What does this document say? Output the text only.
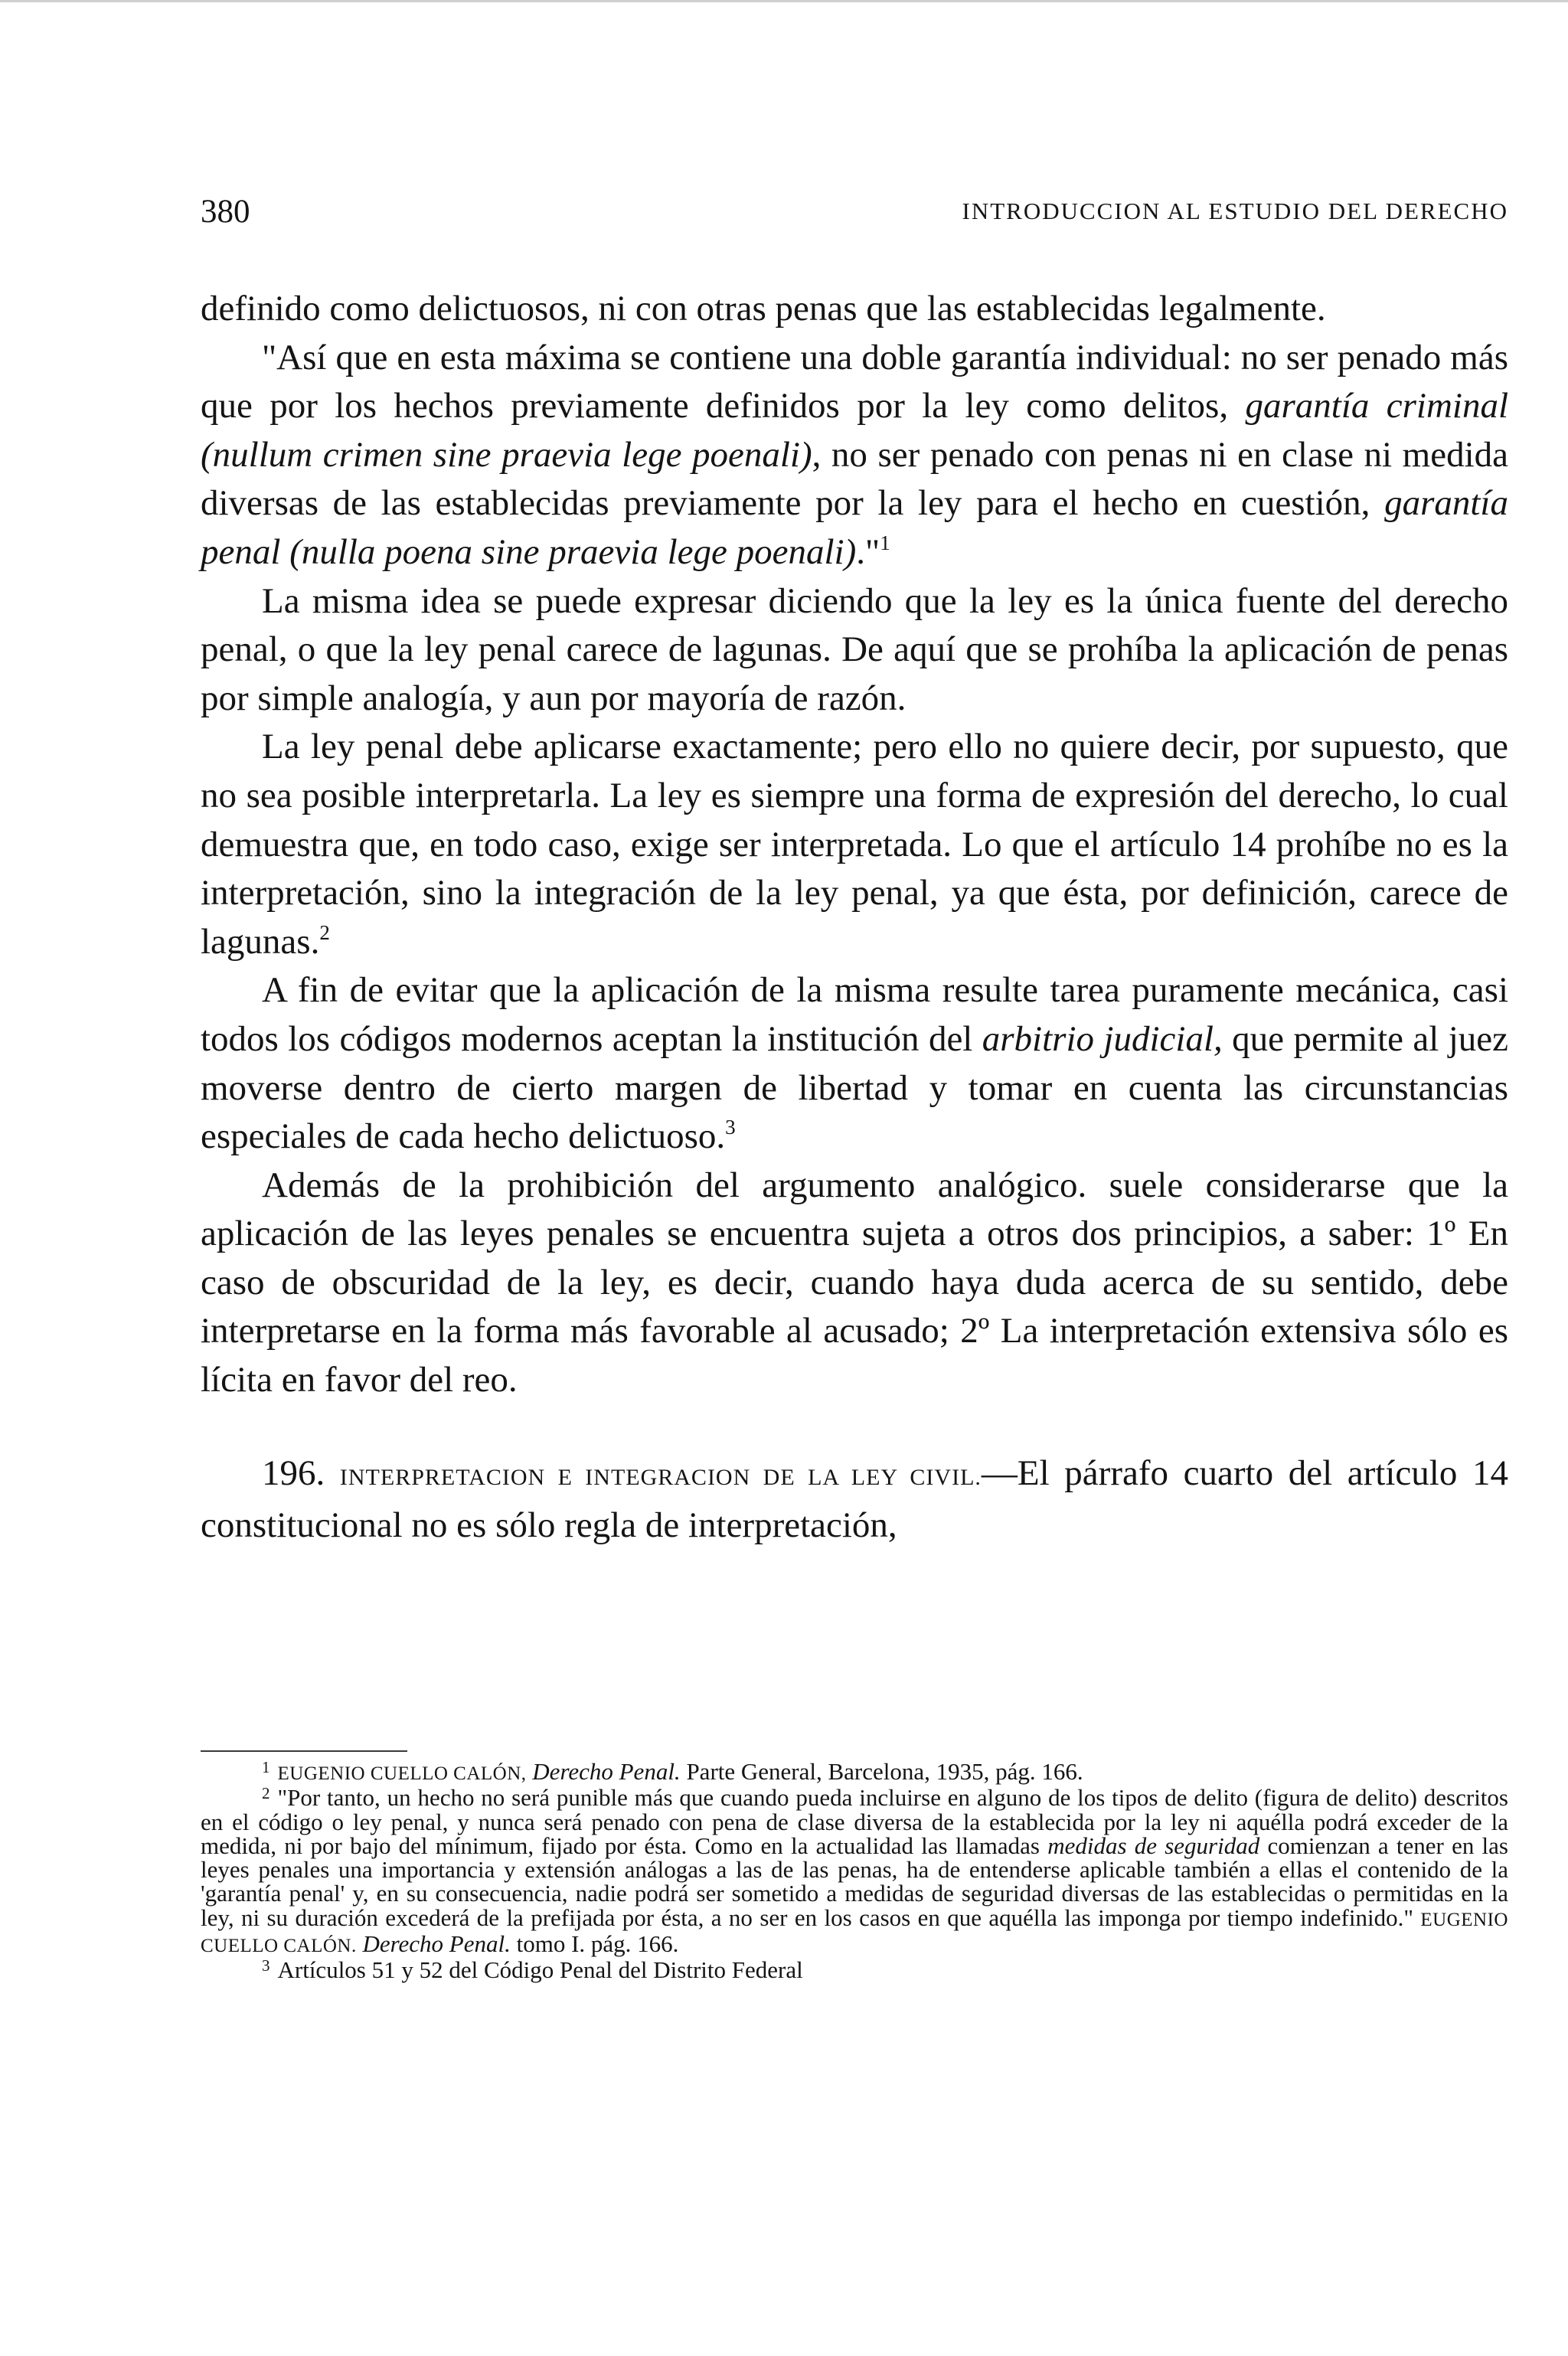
380	INTRODUCCION AL ESTUDIO DEL DERECHO

definido como delictuosos, ni con otras penas que las establecidas legalmente.

"Así que en esta máxima se contiene una doble garantía individual: no ser penado más que por los hechos previamente definidos por la ley como delitos, garantía criminal (nullum crimen sine praevia lege poenali), no ser penado con penas ni en clase ni medida diversas de las establecidas previamente por la ley para el hecho en cuestión, garantía penal (nulla poena sine praevia lege poenali)."$^1$

La misma idea se puede expresar diciendo que la ley es la única fuente del derecho penal, o que la ley penal carece de lagunas. De aquí que se prohíba la aplicación de penas por simple analogía, y aun por mayoría de razón.

La ley penal debe aplicarse exactamente; pero ello no quiere decir, por supuesto, que no sea posible interpretarla. La ley es siempre una forma de expresión del derecho, lo cual demuestra que, en todo caso, exige ser interpretada. Lo que el artículo 14 prohíbe no es la interpretación, sino la integración de la ley penal, ya que ésta, por definición, carece de lagunas.$^2$

A fin de evitar que la aplicación de la misma resulte tarea puramente mecánica, casi todos los códigos modernos aceptan la institución del arbitrio judicial, que permite al juez moverse dentro de cierto margen de libertad y tomar en cuenta las circunstancias especiales de cada hecho delictuoso.$^3$

Además de la prohibición del argumento analógico. suele considerarse que la aplicación de las leyes penales se encuentra sujeta a otros dos principios, a saber: 1º En caso de obscuridad de la ley, es decir, cuando haya duda acerca de su sentido, debe interpretarse en la forma más favorable al acusado; 2º La interpretación extensiva sólo es lícita en favor del reo.

196. INTERPRETACION E INTEGRACION DE LA LEY CIVIL.—El párrafo cuarto del artículo 14 constitucional no es sólo regla de interpretación,

$^1$ EUGENIO CUELLO CALÓN, Derecho Penal. Parte General, Barcelona, 1935, pág. 166.

$^2$ "Por tanto, un hecho no será punible más que cuando pueda incluirse en alguno de los tipos de delito (figura de delito) descritos en el código o ley penal, y nunca será penado con pena de clase diversa de la establecida por la ley ni aquélla podrá exceder de la medida, ni por bajo del mínimum, fijado por ésta. Como en la actualidad las llamadas medidas de seguridad comienzan a tener en las leyes penales una importancia y extensión análogas a las de las penas, ha de entenderse aplicable también a ellas el contenido de la 'garantía penal' y, en su consecuencia, nadie podrá ser sometido a medidas de seguridad diversas de las establecidas o permitidas en la ley, ni su duración excederá de la prefijada por ésta, a no ser en los casos en que aquélla las imponga por tiempo indefinido." EUGENIO CUELLO CALÓN. Derecho Penal. tomo I. pág. 166.

$^3$ Artículos 51 y 52 del Código Penal del Distrito Federal
